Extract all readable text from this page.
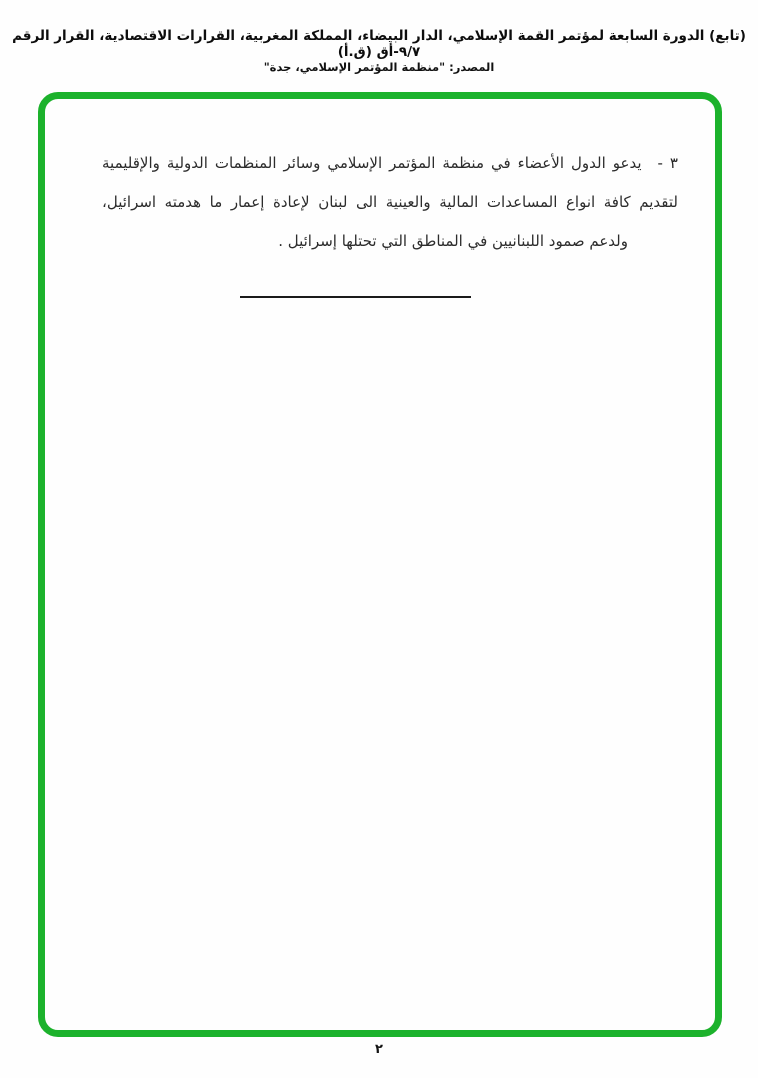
(تابع) الدورة السابعة لمؤتمر القمة الإسلامي، الدار البيضاء، المملكة المغربية، القرارات الاقتصادية، القرار الرقم ٩/٧-أق (ق.أ)
المصدر: "منظمة المؤتمر الإسلامي، جدة"
٣ -يدعو الدول الأعضاء في منظمة المؤتمر الإسلامي وسائر المنظمات الدولية والإقليمية
لتقديم كافة انواع المساعدات المالية والعينية الى لبنان لإعادة إعمار ما هدمته اسرائيل،
ولدعم صمود اللبنانيين في المناطق التي تحتلها إسرائيل .
٢
